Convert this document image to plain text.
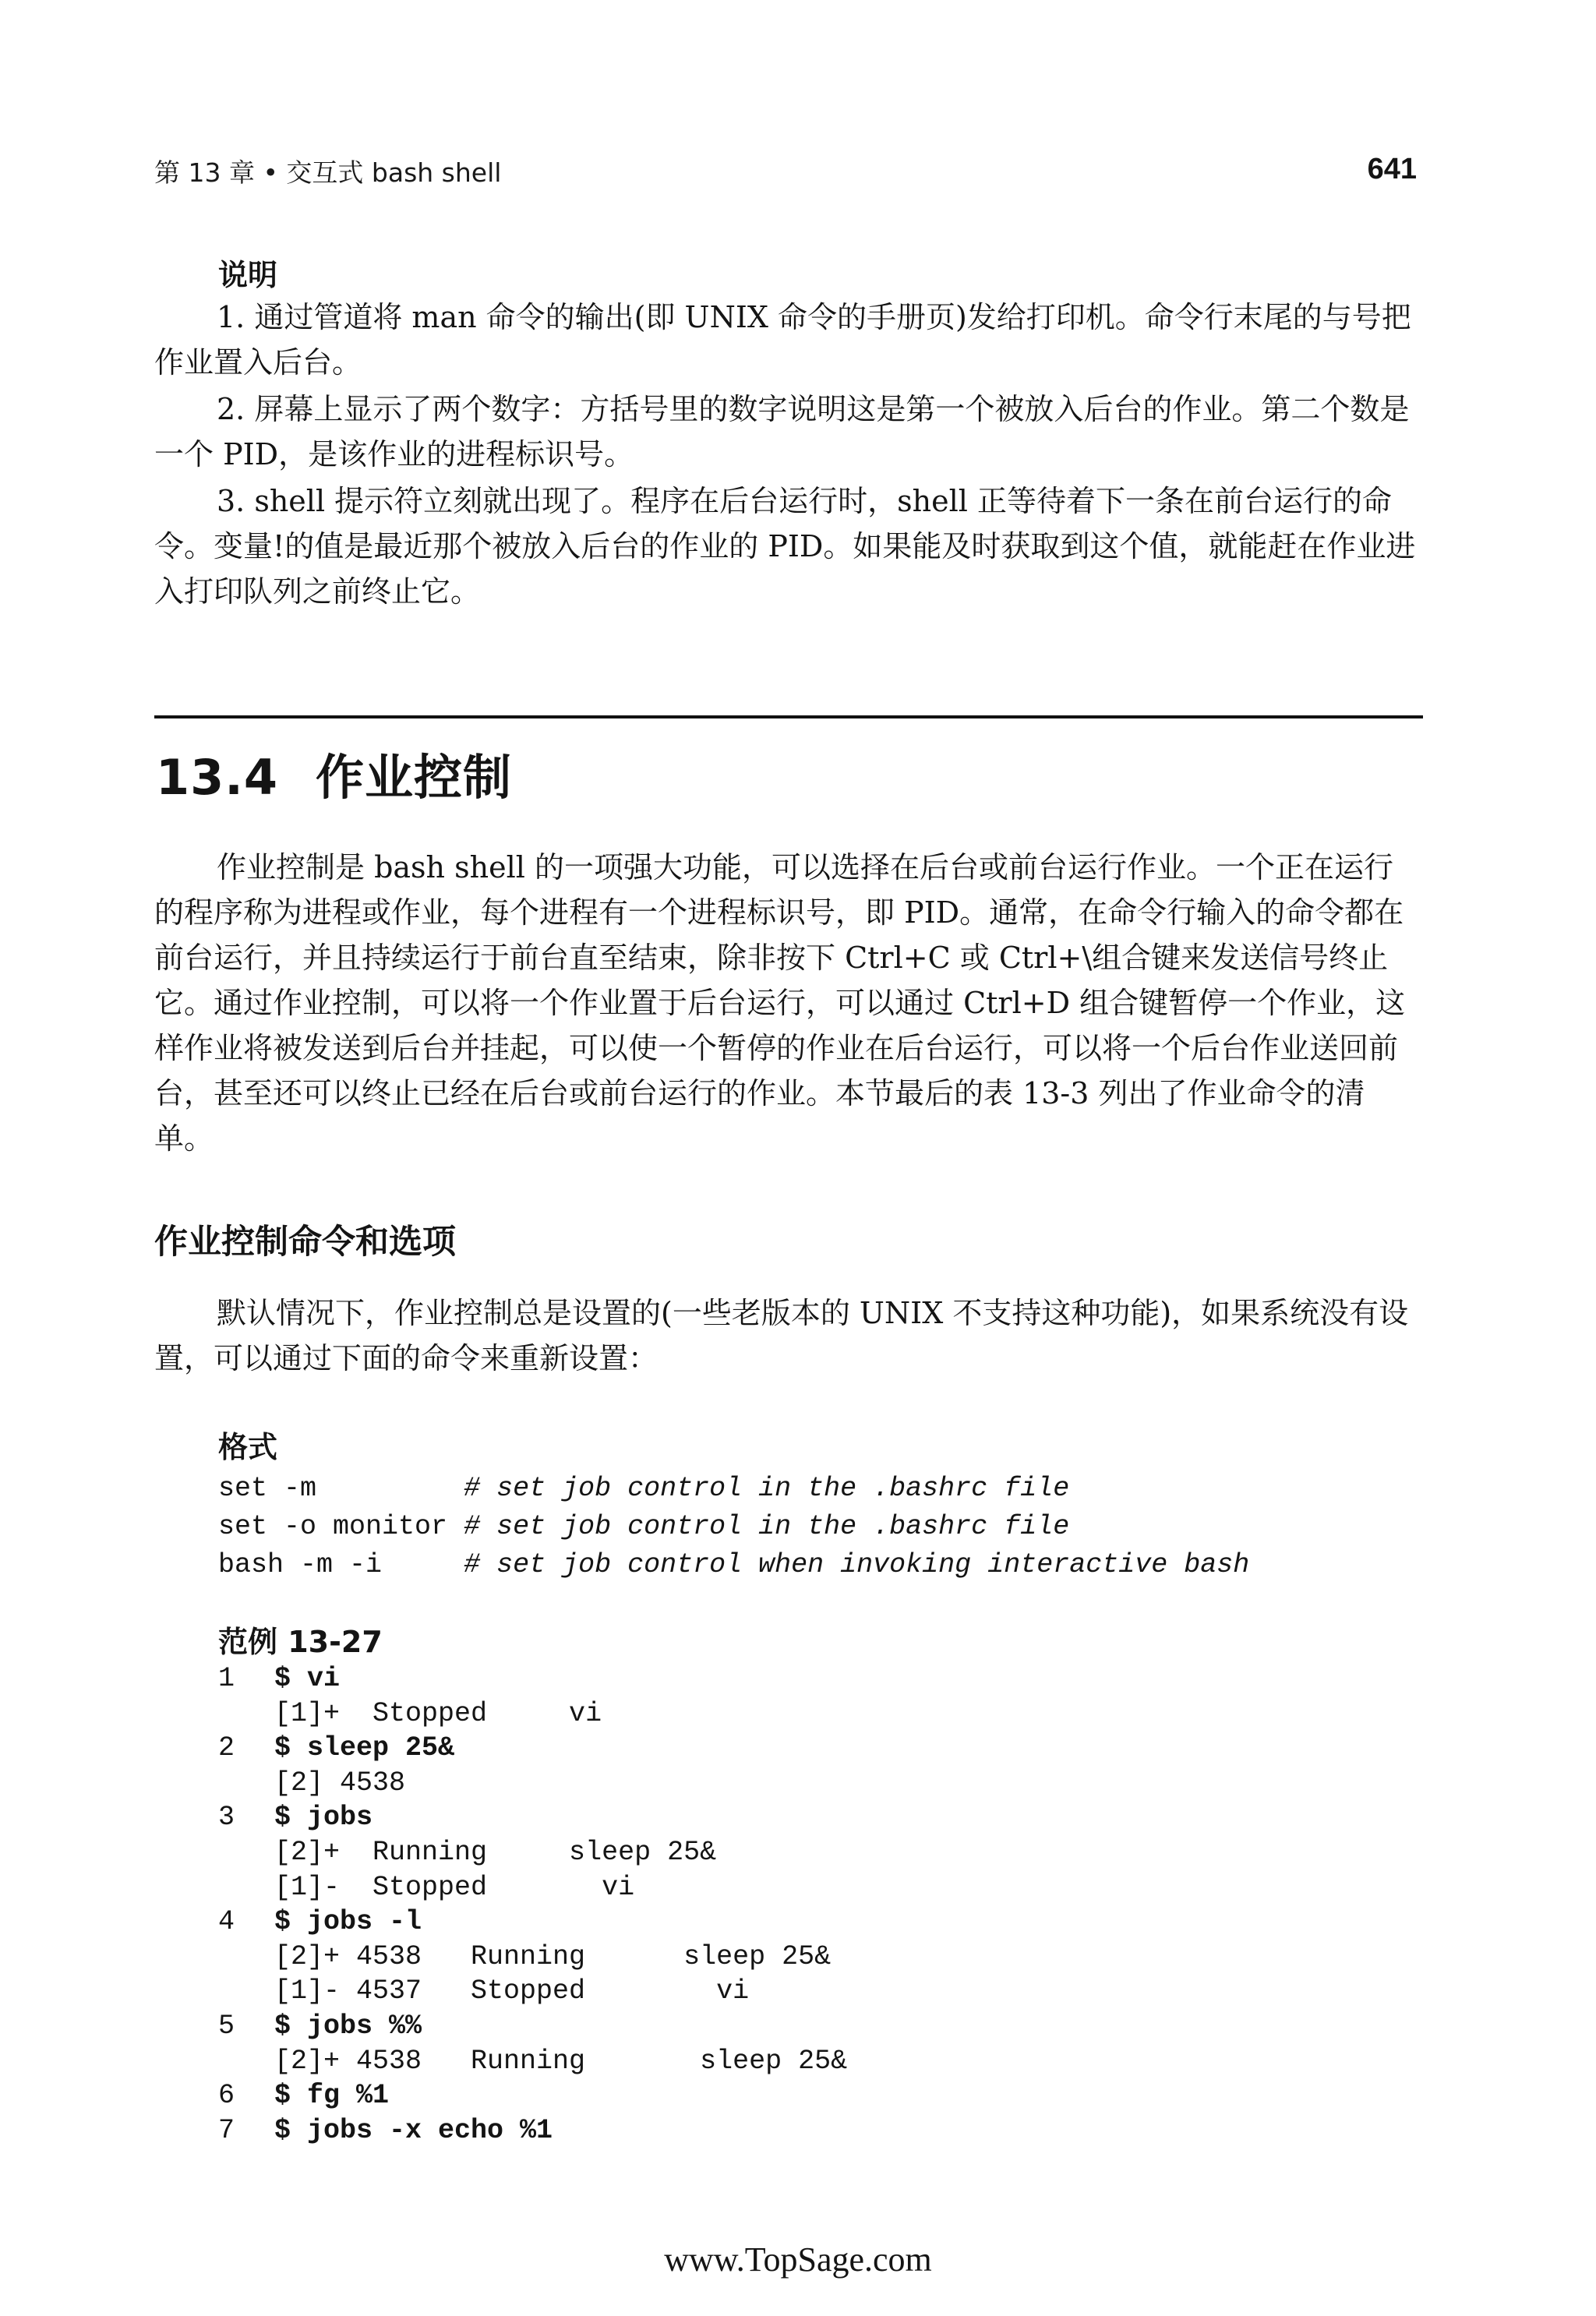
第 13 章 • 交互式 bash shell	641
说明

1. 通过管道将 man 命令的输出(即 UNIX 命令的手册页)发给打印机。命令行末尾的与号把作业置入后台。

2. 屏幕上显示了两个数字：方括号里的数字说明这是第一个被放入后台的作业。第二个数是一个 PID，是该作业的进程标识号。

3. shell 提示符立刻就出现了。程序在后台运行时，shell 正等待着下一条在前台运行的命令。变量!的值是最近那个被放入后台的作业的 PID。如果能及时获取到这个值，就能赶在作业进入打印队列之前终止它。

13.4 作业控制

作业控制是 bash shell 的一项强大功能，可以选择在后台或前台运行作业。一个正在运行的程序称为进程或作业，每个进程有一个进程标识号，即 PID。通常，在命令行输入的命令都在前台运行，并且持续运行于前台直至结束，除非按下 Ctrl+C 或 Ctrl+\组合键来发送信号终止它。通过作业控制，可以将一个作业置于后台运行，可以通过 Ctrl+D 组合键暂停一个作业，这样作业将被发送到后台并挂起，可以使一个暂停的作业在后台运行，可以将一个后台作业送回前台，甚至还可以终止已经在后台或前台运行的作业。本节最后的表 13-3 列出了作业命令的清单。

作业控制命令和选项

默认情况下，作业控制总是设置的(一些老版本的 UNIX 不支持这种功能)，如果系统没有设置，可以通过下面的命令来重新设置：

格式
set -m         # set job control in the .bashrc file
set -o monitor # set job control in the .bashrc file
bash -m -i     # set job control when invoking interactive bash
范例 13-27
1	$ vi
[1]+  Stopped     vi
2	$ sleep 25&
[2] 4538
3	$ jobs
[2]+  Running     sleep 25&
[1]-  Stopped       vi
4	$ jobs -l
[2]+ 4538   Running      sleep 25&
[1]- 4537   Stopped        vi
5	$ jobs %%
[2]+ 4538   Running       sleep 25&
6	$ fg %1
7	$ jobs -x echo %1
www.TopSage.com
